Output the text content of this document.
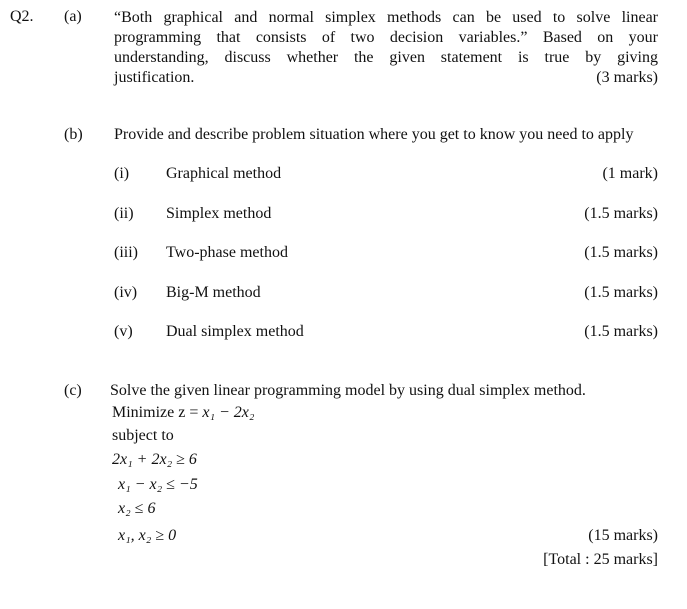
Q2. (a) “Both graphical and normal simplex methods can be used to solve linear
programming that consists of two decision variables.” Based on your
understanding, discuss whether the given statement is true by giving
justification.	(3 marks)
(b) Provide and describe problem situation where you get to know you need to apply
(i) Graphical method	(1 mark)
(ii) Simplex method	(1.5 marks)
(iii) Two-phase method	(1.5 marks)
(iv) Big-M method	(1.5 marks)
(v) Dual simplex method	(1.5 marks)
(c) Solve the given linear programming model by using dual simplex method.
Minimize z = x₁ − 2x₂
subject to
2x₁ + 2x₂ ≥ 6
x₁ − x₂ ≤ −5
x₂ ≤ 6
x₁, x₂ ≥ 0	(15 marks)
[Total : 25 marks]
